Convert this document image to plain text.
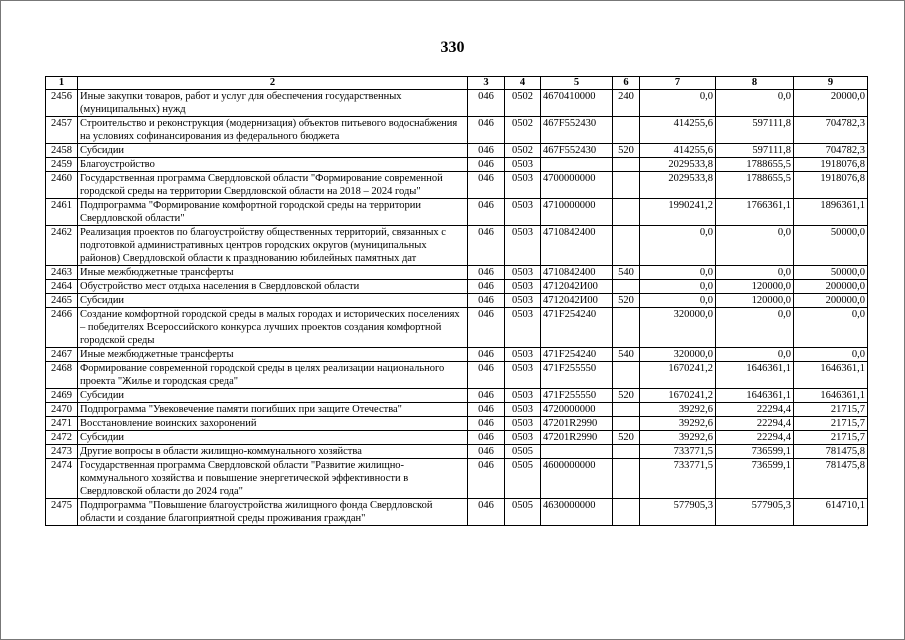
330
1	2	3	4	5	6	7	8	9
2456	Иные закупки товаров, работ и услуг для обеспечения государственных (муниципальных) нужд	046	0502	4670410000	240	0,0	0,0	20000,0
2457	Строительство и реконструкция (модернизация) объектов питьевого водоснабжения на условиях софинансирования из федерального бюджета	046	0502	467F552430		414255,6	597111,8	704782,3
2458	Субсидии	046	0502	467F552430	520	414255,6	597111,8	704782,3
2459	Благоустройство	046	0503			2029533,8	1788655,5	1918076,8
2460	Государственная программа Свердловской области "Формирование современной городской среды на территории Свердловской области на 2018 – 2024 годы"	046	0503	4700000000		2029533,8	1788655,5	1918076,8
2461	Подпрограмма "Формирование комфортной городской среды на территории Свердловской области"	046	0503	4710000000		1990241,2	1766361,1	1896361,1
2462	Реализация проектов по благоустройству общественных территорий, связанных с подготовкой административных центров городских округов (муниципальных районов) Свердловской области к празднованию юбилейных памятных дат	046	0503	4710842400		0,0	0,0	50000,0
2463	Иные межбюджетные трансферты	046	0503	4710842400	540	0,0	0,0	50000,0
2464	Обустройство мест отдыха населения в Свердловской области	046	0503	4712042И00		0,0	120000,0	200000,0
2465	Субсидии	046	0503	4712042И00	520	0,0	120000,0	200000,0
2466	Создание комфортной городской среды в малых городах и исторических поселениях – победителях Всероссийского конкурса лучших проектов создания комфортной городской среды	046	0503	471F254240		320000,0	0,0	0,0
2467	Иные межбюджетные трансферты	046	0503	471F254240	540	320000,0	0,0	0,0
2468	Формирование современной городской среды в целях реализации национального проекта "Жилье и городская среда"	046	0503	471F255550		1670241,2	1646361,1	1646361,1
2469	Субсидии	046	0503	471F255550	520	1670241,2	1646361,1	1646361,1
2470	Подпрограмма "Увековечение памяти погибших при защите Отечества"	046	0503	4720000000		39292,6	22294,4	21715,7
2471	Восстановление воинских захоронений	046	0503	47201R2990		39292,6	22294,4	21715,7
2472	Субсидии	046	0503	47201R2990	520	39292,6	22294,4	21715,7
2473	Другие вопросы в области жилищно-коммунального хозяйства	046	0505			733771,5	736599,1	781475,8
2474	Государственная программа Свердловской области "Развитие жилищно-коммунального хозяйства и повышение энергетической эффективности в Свердловской области до 2024 года"	046	0505	4600000000		733771,5	736599,1	781475,8
2475	Подпрограмма "Повышение благоустройства жилищного фонда Свердловской области и создание благоприятной среды проживания граждан"	046	0505	4630000000		577905,3	577905,3	614710,1
